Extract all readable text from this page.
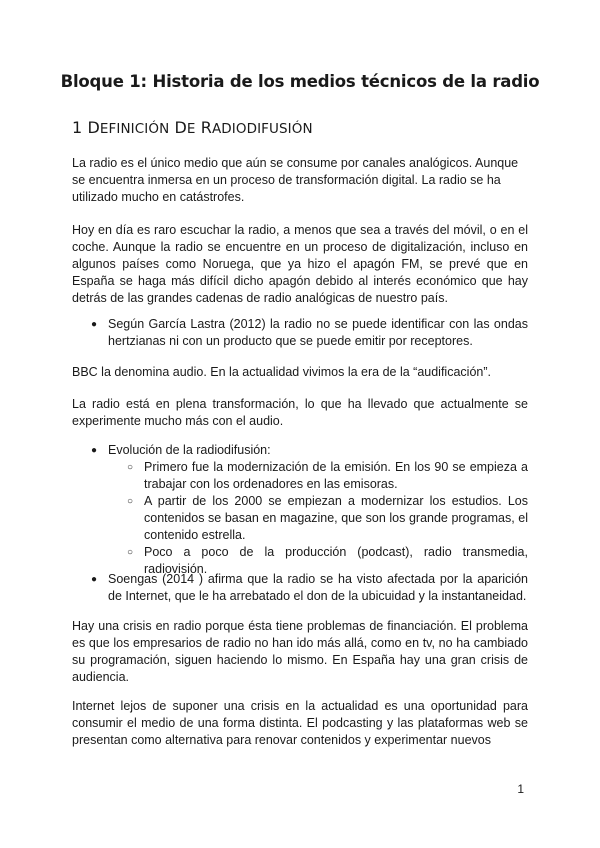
Bloque 1: Historia de los medios técnicos de la radio
1 DEFINICIÓN DE RADIODIFUSIÓN

La radio es el único medio que aún se consume por canales analógicos. Aunque se encuentra inmersa en un proceso de transformación digital. La radio se ha utilizado mucho en catástrofes.

Hoy en día es raro escuchar la radio, a menos que sea a través del móvil, o en el coche. Aunque la radio se encuentre en un proceso de digitalización, incluso en algunos países como Noruega, que ya hizo el apagón FM, se prevé que en España se haga más difícil dicho apagón debido al interés económico que hay detrás de las grandes cadenas de radio analógicas de nuestro país.

● Según García Lastra (2012) la radio no se puede identificar con las ondas hertzianas ni con un producto que se puede emitir por receptores.

BBC la denomina audio. En la actualidad vivimos la era de la “audificación”.

La radio está en plena transformación, lo que ha llevado que actualmente se experimente mucho más con el audio.

● Evolución de la radiodifusión:
○ Primero fue la modernización de la emisión. En los 90 se empieza a trabajar con los ordenadores en las emisoras.
○ A partir de los 2000 se empiezan a modernizar los estudios. Los contenidos se basan en magazine, que son los grande programas, el contenido estrella.
○ Poco a poco de la producción (podcast), radio transmedia, radiovisión.
● Soengas (2014 ) afirma que la radio se ha visto afectada por la aparición de Internet, que le ha arrebatado el don de la ubicuidad y la instantaneidad.

Hay una crisis en radio porque ésta tiene problemas de financiación. El problema es que los empresarios de radio no han ido más allá, como en tv, no ha cambiado su programación, siguen haciendo lo mismo. En España hay una gran crisis de audiencia.

Internet lejos de suponer una crisis en la actualidad es una oportunidad para consumir el medio de una forma distinta. El podcasting y las plataformas web se presentan como alternativa para renovar contenidos y experimentar nuevos

1
